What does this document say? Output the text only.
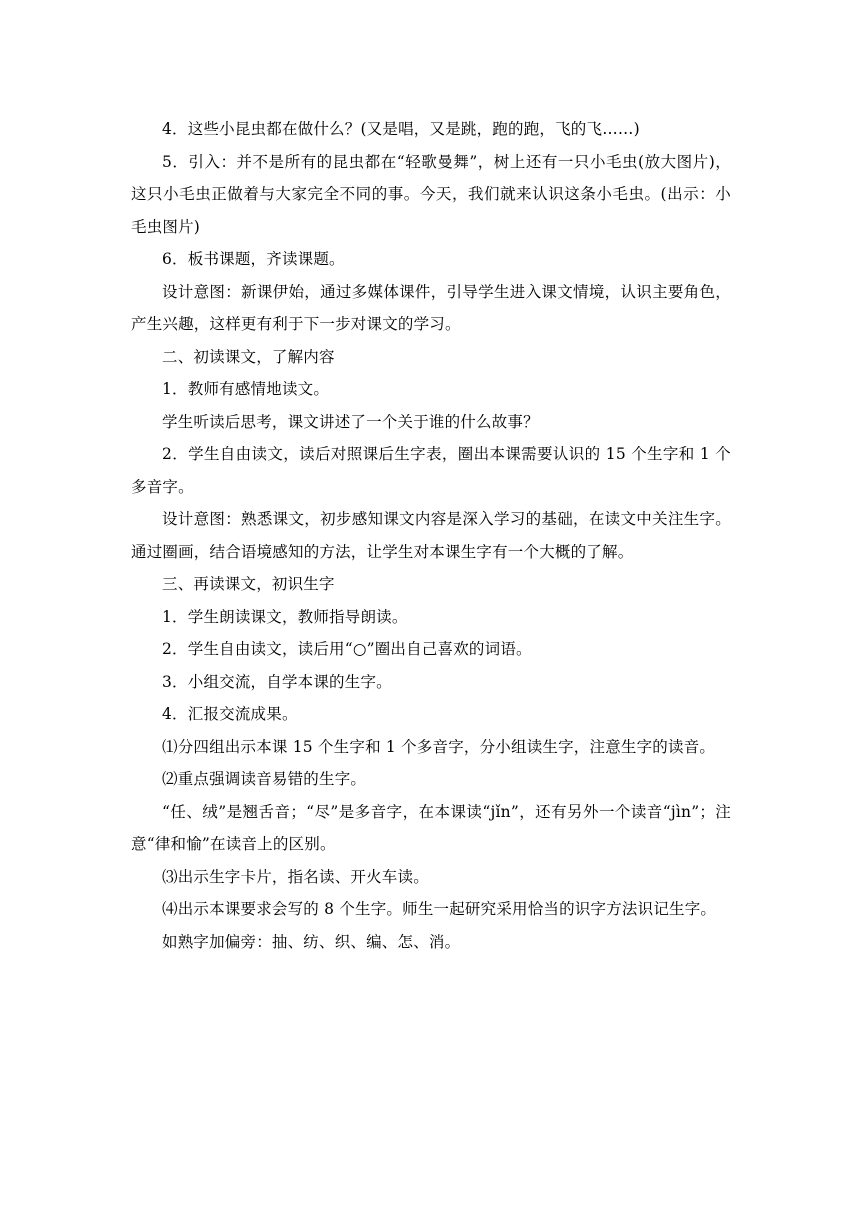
4．这些小昆虫都在做什么？(又是唱，又是跳，跑的跑，飞的飞……)

5．引入：并不是所有的昆虫都在“轻歌曼舞”，树上还有一只小毛虫(放大图片)，这只小毛虫正做着与大家完全不同的事。今天，我们就来认识这条小毛虫。(出示：小毛虫图片)

6．板书课题，齐读课题。

设计意图：新课伊始，通过多媒体课件，引导学生进入课文情境，认识主要角色，产生兴趣，这样更有利于下一步对课文的学习。

二、初读课文，了解内容

1．教师有感情地读文。

学生听读后思考，课文讲述了一个关于谁的什么故事？

2．学生自由读文，读后对照课后生字表，圈出本课需要认识的 15 个生字和 1 个多音字。

设计意图：熟悉课文，初步感知课文内容是深入学习的基础，在读文中关注生字。通过圈画，结合语境感知的方法，让学生对本课生字有一个大概的了解。

三、再读课文，初识生字

1．学生朗读课文，教师指导朗读。

2．学生自由读文，读后用“○”圈出自己喜欢的词语。

3．小组交流，自学本课的生字。

4．汇报交流成果。

⑴分四组出示本课 15 个生字和 1 个多音字，分小组读生字，注意生字的读音。

⑵重点强调读音易错的生字。

“任、绒”是翘舌音；“尽”是多音字，在本课读“jǐn”，还有另外一个读音“jìn”；注意“律和愉”在读音上的区别。

⑶出示生字卡片，指名读、开火车读。

⑷出示本课要求会写的 8 个生字。师生一起研究采用恰当的识字方法识记生字。

如熟字加偏旁：抽、纺、织、编、怎、消。
